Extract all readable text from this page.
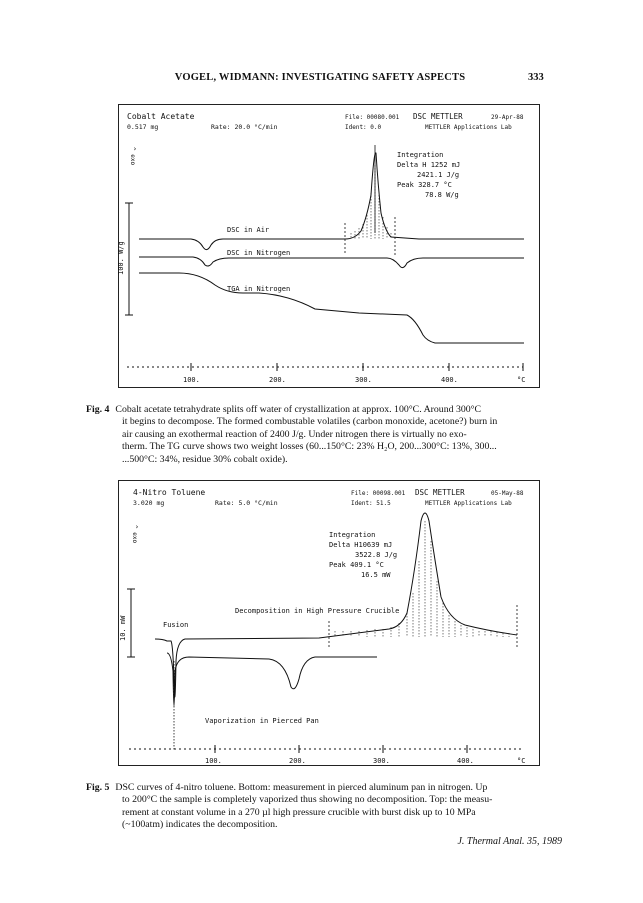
VOGEL, WIDMANN: INVESTIGATING SAFETY ASPECTS	333
Cobalt Acetate
0.517 mg	Rate: 20.0 °C/min
File: 00080.001
Ident: 0.0
DSC METTLER	29-Apr-88
METTLER Applications Lab
^ exo	Integration
Delta H 1252 mJ
2421.1 J/g
Peak 328.7 °C
78.8 W/g
100. W/g
DSC in Air
DSC in Nitrogen
TGA in Nitrogen
100.	200.	300.	400.	°C
Fig. 4 Cobalt acetate tetrahydrate splits off water of crystallization at approx. 100°C. Around 300°C
it begins to decompose. The formed combustable volatiles (carbon monoxide, acetone?) burn in
air causing an exothermal reaction of 2400 J/g. Under nitrogen there is virtually no exo-
therm. The TG curve shows two weight losses (60...150°C: 23% H₂O, 200...300°C: 13%, 300...
...500°C: 34%, residue 30% cobalt oxide).
4-Nitro Toluene
3.020 mg	Rate: 5.0 °C/min
File: 00098.001
Ident: 51.5
DSC METTLER	05-May-88
METTLER Applications Lab
^ exo	Integration
Delta H10639 mJ
3522.8 J/g
Peak 409.1 °C
16.5 mW
10. mW
Decomposition in High Pressure Crucible
Fusion
Vaporization in Pierced Pan
100.	200.	300.	400.	°C
Fig. 5 DSC curves of 4-nitro toluene. Bottom: measurement in pierced aluminum pan in nitrogen. Up
to 200°C the sample is completely vaporized thus showing no decomposition. Top: the measu-
rement at constant volume in a 270 µl high pressure crucible with burst disk up to 10 MPa
(~100atm) indicates the decomposition.
J. Thermal Anal. 35, 1989
